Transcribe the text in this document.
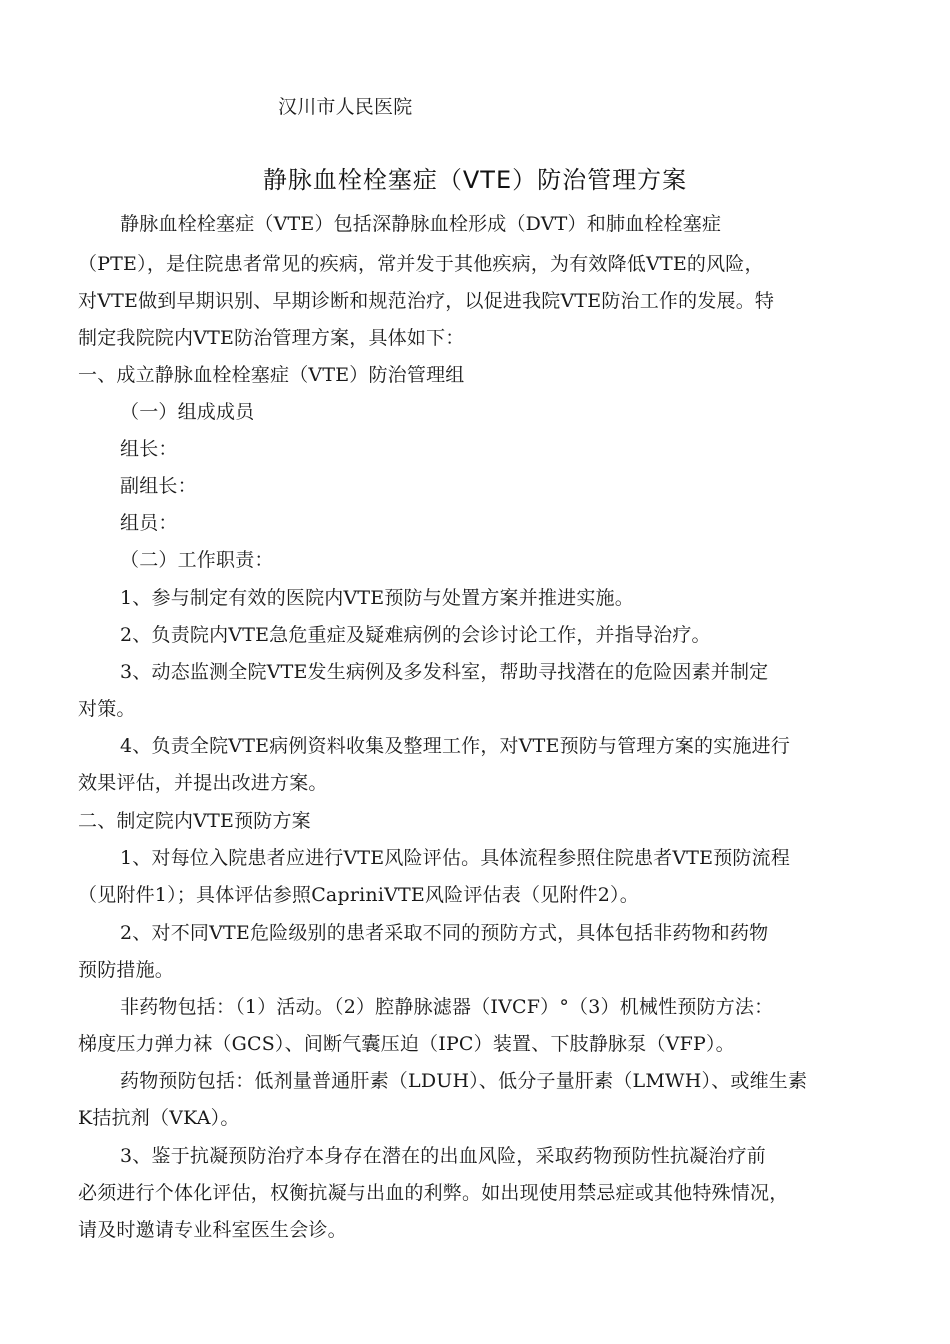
汉川市人民医院
静脉血栓栓塞症（VTE）防治管理方案
静脉血栓栓塞症（VTE）包括深静脉血栓形成（DVT）和肺血栓栓塞症
（PTE），是住院患者常见的疾病，常并发于其他疾病，为有效降低VTE的风险，
对VTE做到早期识别、早期诊断和规范治疗，以促进我院VTE防治工作的发展。特
制定我院院内VTE防治管理方案，具体如下：
一、成立静脉血栓栓塞症（VTE）防治管理组
（一）组成成员
组长：
副组长：
组员：
（二）工作职责：
1、参与制定有效的医院内VTE预防与处置方案并推进实施。
2、负责院内VTE急危重症及疑难病例的会诊讨论工作，并指导治疗。
3、动态监测全院VTE发生病例及多发科室，帮助寻找潜在的危险因素并制定
对策。
4、负责全院VTE病例资料收集及整理工作，对VTE预防与管理方案的实施进行
效果评估，并提出改进方案。
二、制定院内VTE预防方案
1、对每位入院患者应进行VTE风险评估。具体流程参照住院患者VTE预防流程
（见附件1）；具体评估参照CapriniVTE风险评估表（见附件2）。
2、对不同VTE危险级别的患者采取不同的预防方式，具体包括非药物和药物
预防措施。
非药物包括：（1）活动。（2）腔静脉滤器（IVCF）°（3）机械性预防方法：
梯度压力弹力袜（GCS）、间断气囊压迫（IPC）装置、下肢静脉泵（VFP）。
药物预防包括：低剂量普通肝素（LDUH）、低分子量肝素（LMWH）、或维生素
K拮抗剂（VKA）。
3、鉴于抗凝预防治疗本身存在潜在的出血风险，采取药物预防性抗凝治疗前
必须进行个体化评估，权衡抗凝与出血的利弊。如出现使用禁忌症或其他特殊情况，
请及时邀请专业科室医生会诊。
